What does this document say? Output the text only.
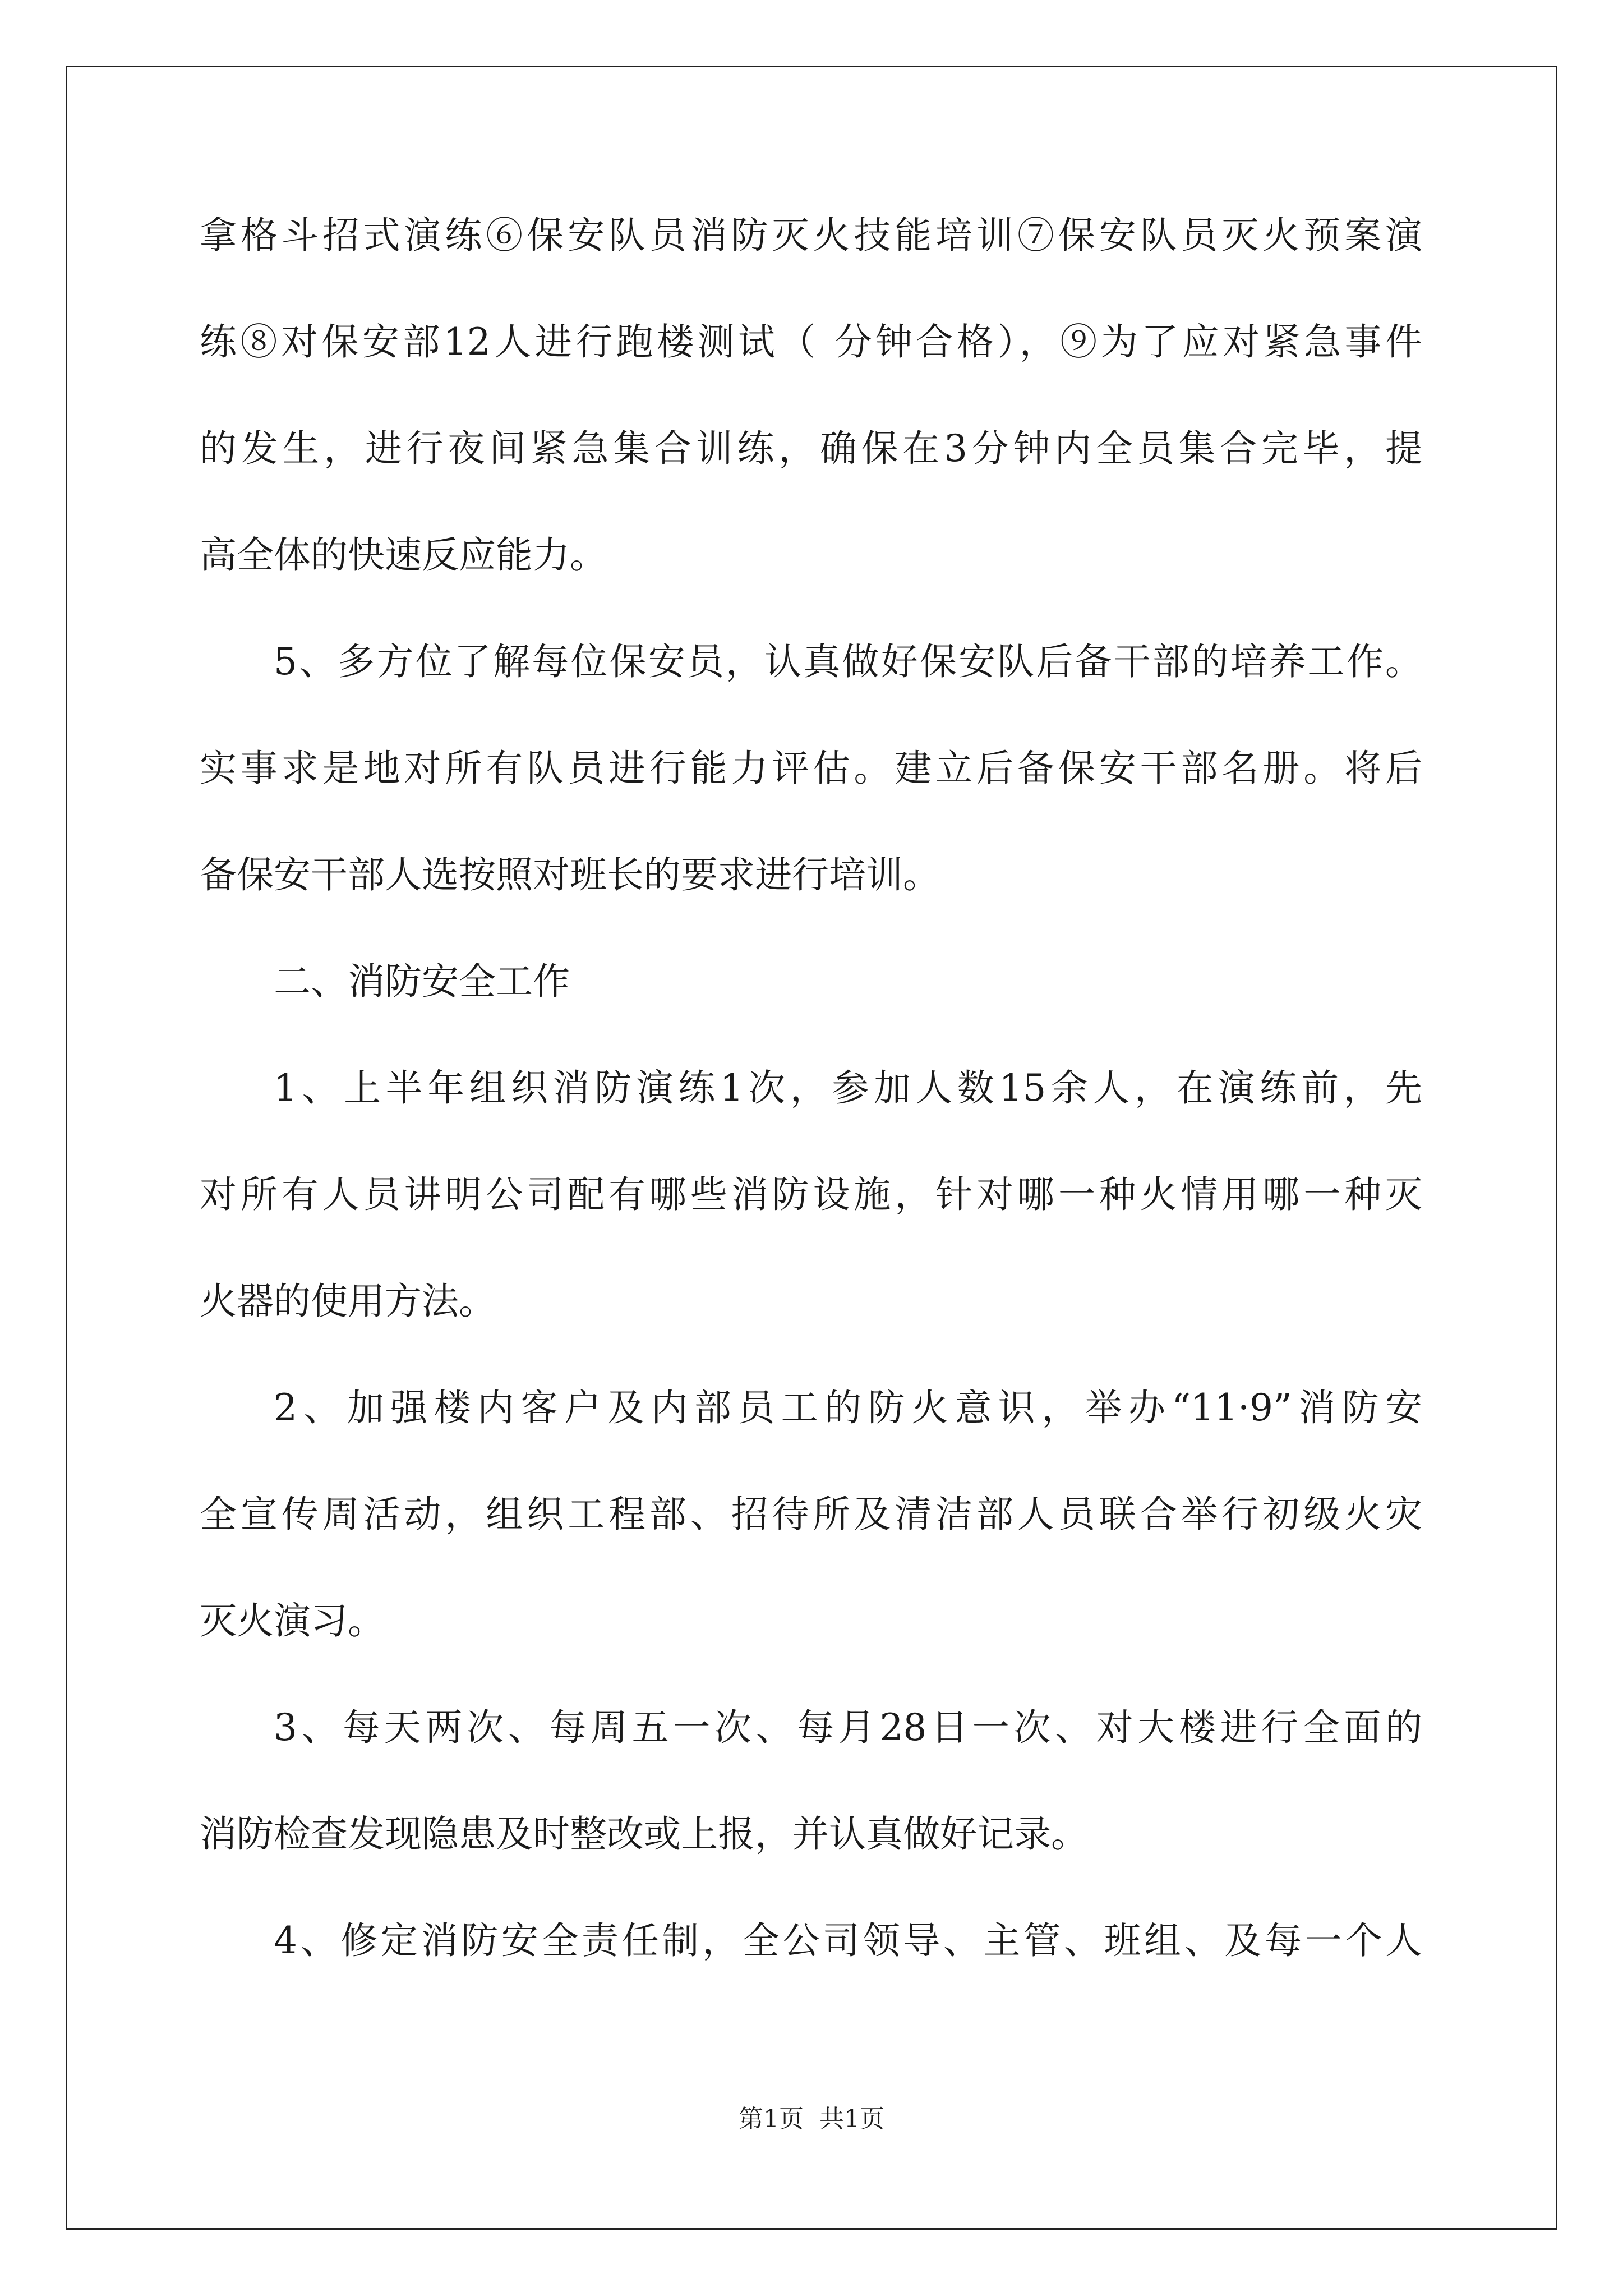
拿格斗招式演练⑥保安队员消防灭火技能培训⑦保安队员灭火预案演
练⑧对保安部12人进行跑楼测试（ 分钟合格），⑨为了应对紧急事件
的发生，进行夜间紧急集合训练，确保在3分钟内全员集合完毕，提
高全体的快速反应能力。
5、多方位了解每位保安员，认真做好保安队后备干部的培养工作。
实事求是地对所有队员进行能力评估。建立后备保安干部名册。将后
备保安干部人选按照对班长的要求进行培训。
二、消防安全工作
1、上半年组织消防演练1次，参加人数15余人，在演练前，先
对所有人员讲明公司配有哪些消防设施，针对哪一种火情用哪一种灭
火器的使用方法。
2、加强楼内客户及内部员工的防火意识，举办“11·9”消防安
全宣传周活动，组织工程部、招待所及清洁部人员联合举行初级火灾
灭火演习。
3、每天两次、每周五一次、每月28日一次、对大楼进行全面的
消防检查发现隐患及时整改或上报，并认真做好记录。
4、修定消防安全责任制，全公司领导、主管、班组、及每一个人
第1页  共1页
